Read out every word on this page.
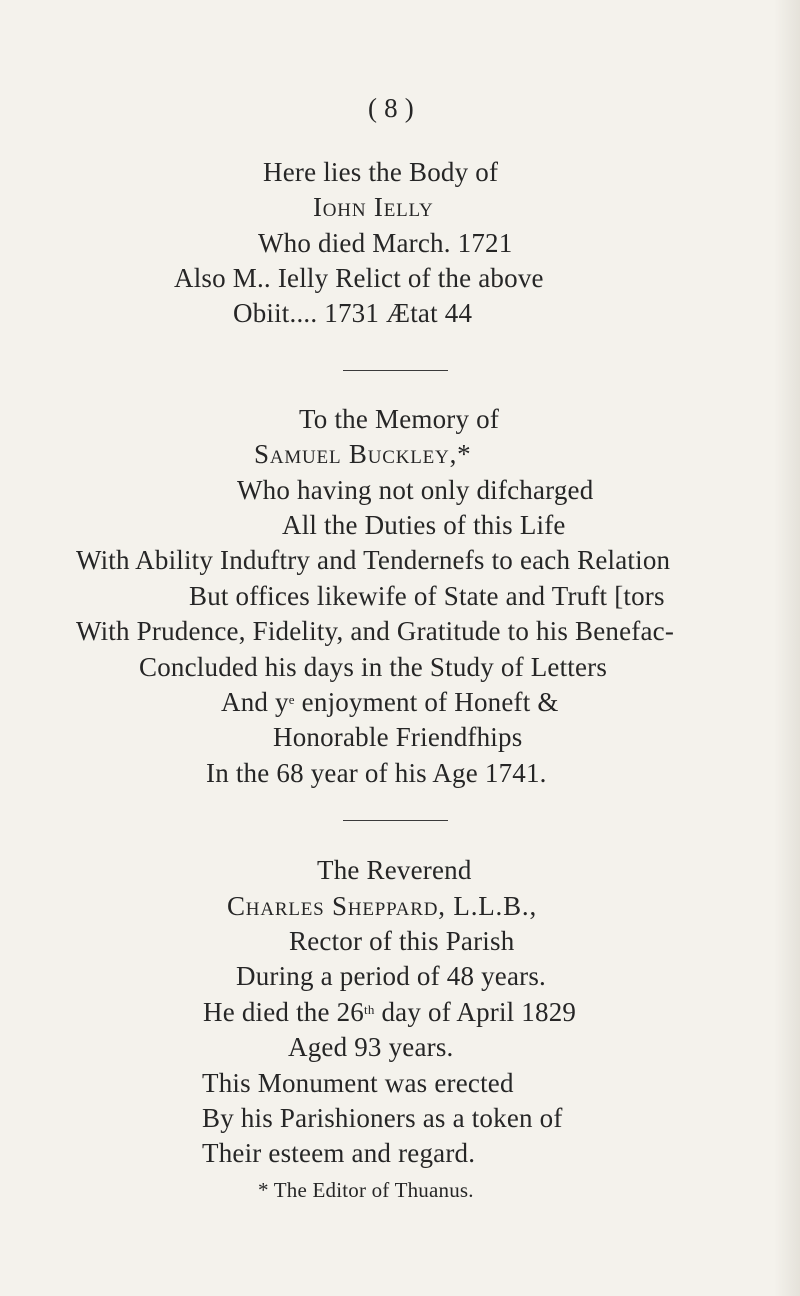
( 8 )
Here lies the Body of
Iohn Ielly
Who died March. 1721
Also M.. Ielly Relict of the above
Obiit.... 1731 Ætat 44
To the Memory of
Samuel Buckley,*
Who having not only difcharged
All the Duties of this Life
With Ability Induftry and Tendernefs to each Relation
But offices likewife of State and Truft [tors
With Prudence, Fidelity, and Gratitude to his Benefac-
Concluded his days in the Study of Letters
And $y^e$ enjoyment of Honeft &
Honorable Friendfhips
In the 68 year of his Age 1741.
The Reverend
Charles Sheppard, L.L.B.,
Rector of this Parish
During a period of 48 years.
He died the 26th day of April 1829
Aged 93 years.
This Monument was erected
By his Parishioners as a token of
Their esteem and regard.
* The Editor of Thuanus.
